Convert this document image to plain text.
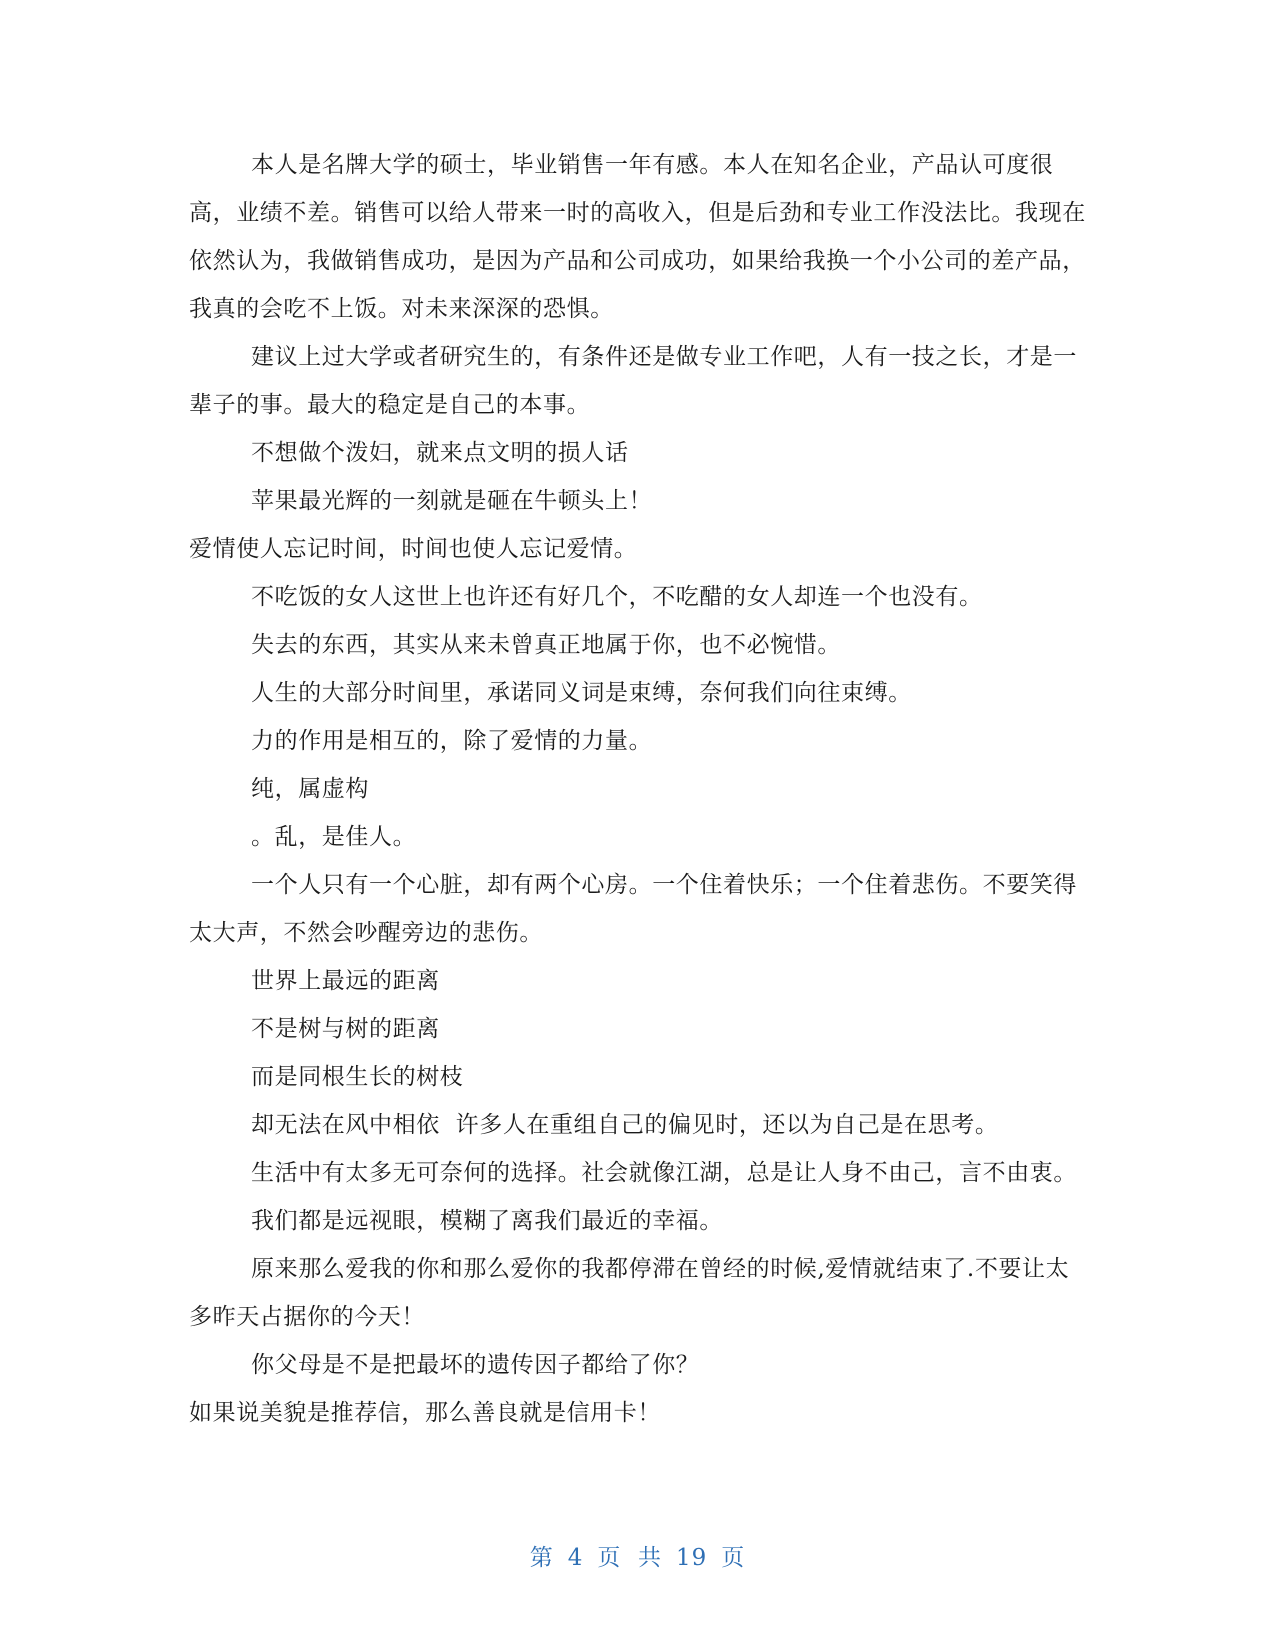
本人是名牌大学的硕士，毕业销售一年有感。本人在知名企业，产品认可度很高，业绩不差。销售可以给人带来一时的高收入，但是后劲和专业工作没法比。我现在依然认为，我做销售成功，是因为产品和公司成功，如果给我换一个小公司的差产品，我真的会吃不上饭。对未来深深的恐惧。

建议上过大学或者研究生的，有条件还是做专业工作吧，人有一技之长，才是一辈子的事。最大的稳定是自己的本事。

不想做个泼妇，就来点文明的损人话

苹果最光辉的一刻就是砸在牛顿头上！

爱情使人忘记时间，时间也使人忘记爱情。

不吃饭的女人这世上也许还有好几个，不吃醋的女人却连一个也没有。

失去的东西，其实从来未曾真正地属于你，也不必惋惜。

人生的大部分时间里，承诺同义词是束缚，奈何我们向往束缚。

力的作用是相互的，除了爱情的力量。

纯，属虚构

。乱，是佳人。

一个人只有一个心脏，却有两个心房。一个住着快乐；一个住着悲伤。不要笑得太大声，不然会吵醒旁边的悲伤。

世界上最远的距离

不是树与树的距离

而是同根生长的树枝

却无法在风中相依  许多人在重组自己的偏见时，还以为自己是在思考。

生活中有太多无可奈何的选择。社会就像江湖，总是让人身不由己，言不由衷。

我们都是远视眼，模糊了离我们最近的幸福。

原来那么爱我的你和那么爱你的我都停滞在曾经的时候,爱情就结束了.不要让太多昨天占据你的今天！

你父母是不是把最坏的遗传因子都给了你？

如果说美貌是推荐信，那么善良就是信用卡！

第 4 页  共 19 页
